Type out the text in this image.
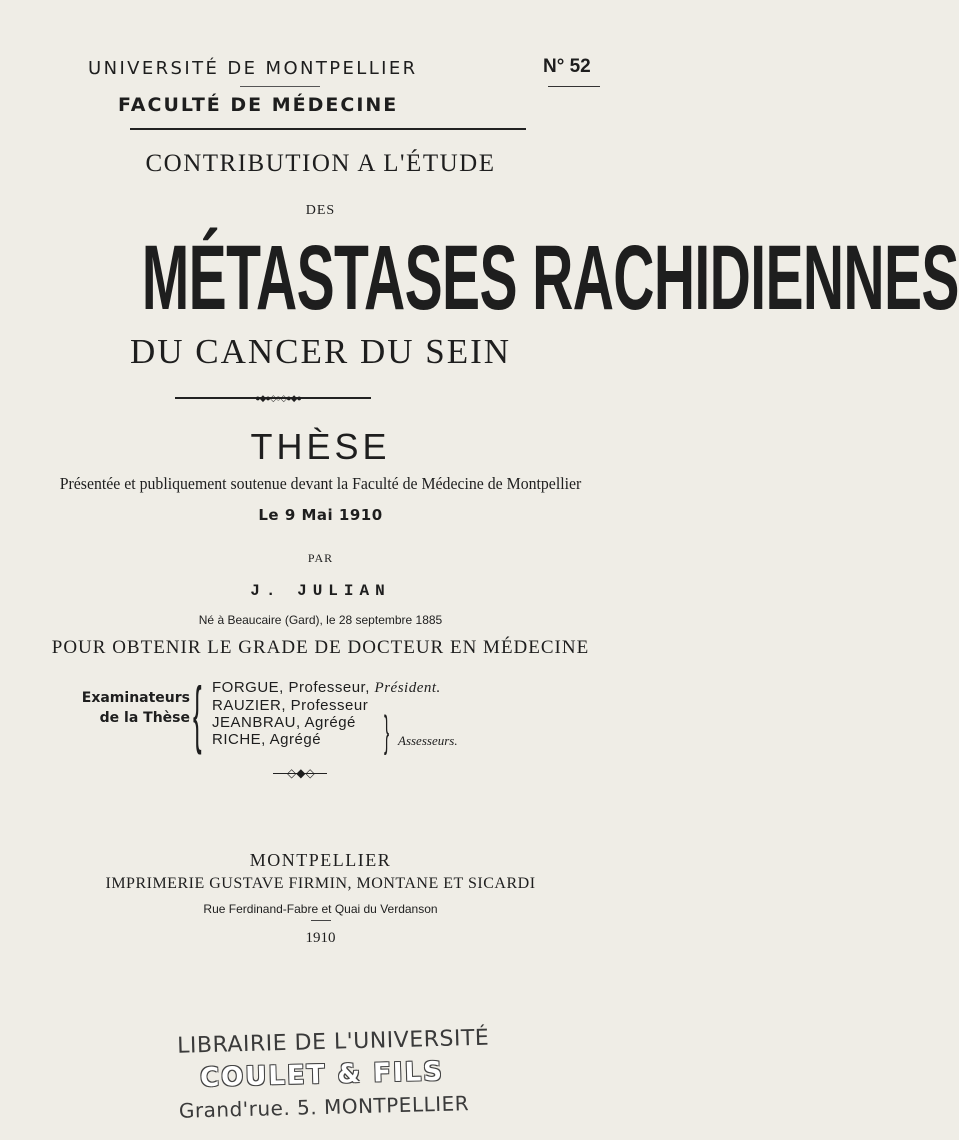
UNIVERSITÉ DE MONTPELLIER	N° 52
FACULTÉ DE MÉDECINE
CONTRIBUTION A L'ÉTUDE
DES
MÉTASTASES RACHIDIENNES
DU CANCER DU SEIN
●◆●◇○◇●◆●
THÈSE
Présentée et publiquement soutenue devant la Faculté de Médecine de Montpellier
Le 9 Mai 1910
PAR
J. JULIAN
Né à Beaucaire (Gard), le 28 septembre 1885
POUR OBTENIR LE GRADE DE DOCTEUR EN MÉDECINE
Examinateurs
de la Thèse { FORGUE, Professeur, Président.
RAUZIER, Professeur
JEANBRAU, Agrégé
RICHE, Agrégé	} Assesseurs.
◇◆◇
MONTPELLIER
IMPRIMERIE GUSTAVE FIRMIN, MONTANE ET SICARDI
Rue Ferdinand-Fabre et Quai du Verdanson
1910
LIBRAIRIE DE L'UNIVERSITÉ
COULET & FILS
Grand'rue. 5. MONTPELLIER
